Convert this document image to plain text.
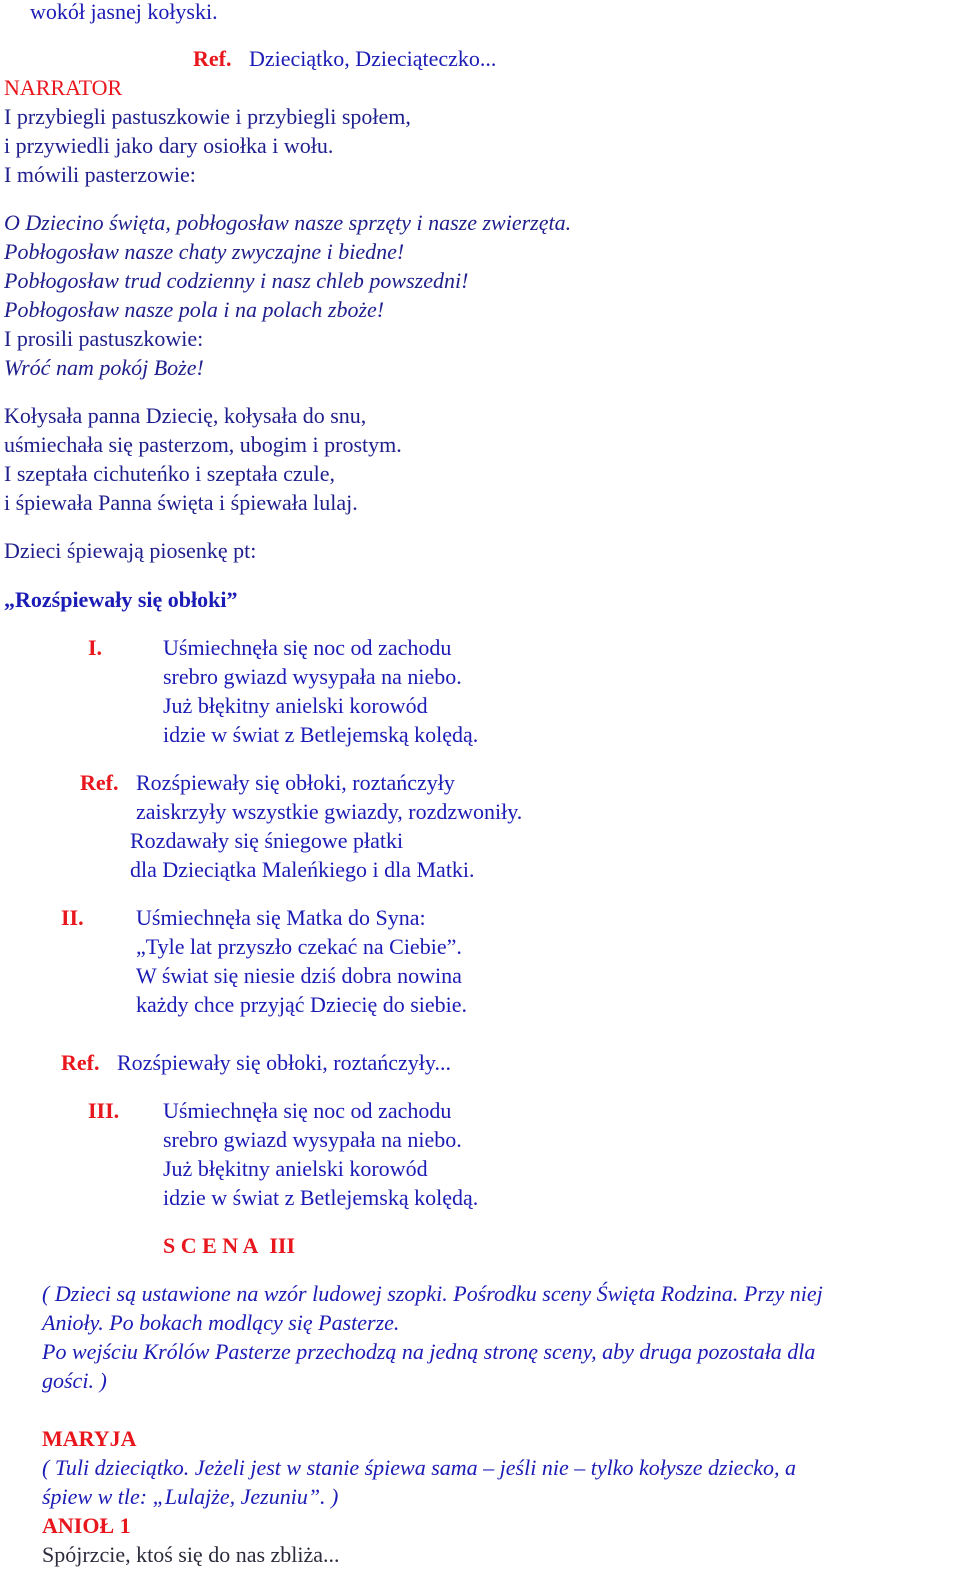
wokół jasnej kołyski.
Ref. Dzieciątko, Dzieciąteczko...
NARRATOR
I przybiegli pastuszkowie i przybiegli społem,
i przywiedli jako dary osiołka i wołu.
I mówili pasterzowie:
O Dziecino święta, pobłogosław nasze sprzęty i nasze zwierzęta.
Pobłogosław nasze chaty zwyczajne i biedne!
Pobłogosław trud codzienny i nasz chleb powszedni!
Pobłogosław nasze pola i na polach zboże!
I prosili pastuszkowie:
Wróć nam pokój Boże!
Kołysała panna Dziecię, kołysała do snu,
uśmiechała się pasterzom, ubogim i prostym.
I szeptała cichuteńko i szeptała czule,
i śpiewała Panna święta i śpiewała lulaj.
Dzieci śpiewają piosenkę pt:
„Rozśpiewały się obłoki”
I.	Uśmiechnęła się noc od zachodu
srebro gwiazd wysypała na niebo.
Już błękitny anielski korowód
idzie w świat z Betlejemską kolędą.
Ref. Rozśpiewały się obłoki, roztańczyły
zaiskrzyły wszystkie gwiazdy, rozdzwoniły.
Rozdawały się śniegowe płatki
dla Dzieciątka Maleńkiego i dla Matki.
II. Uśmiechnęła się Matka do Syna:
„Tyle lat przyszło czekać na Ciebie”.
W świat się niesie dziś dobra nowina
każdy chce przyjąć Dziecię do siebie.
Ref. Rozśpiewały się obłoki, roztańczyły...
III. Uśmiechnęła się noc od zachodu
srebro gwiazd wysypała na niebo.
Już błękitny anielski korowód
idzie w świat z Betlejemską kolędą.
S C E N A III
( Dzieci są ustawione na wzór ludowej szopki. Pośrodku sceny Święta Rodzina. Przy niej
Anioły. Po bokach modlący się Pasterze.
Po wejściu Królów Pasterze przechodzą na jedną stronę sceny, aby druga pozostała dla
gości. )
MARYJA
( Tuli dzieciątko. Jeżeli jest w stanie śpiewa sama – jeśli nie – tylko kołysze dziecko, a
śpiew w tle: „Lulajże, Jezuniu”. )
ANIOŁ 1
Spójrzcie, ktoś się do nas zbliża...
